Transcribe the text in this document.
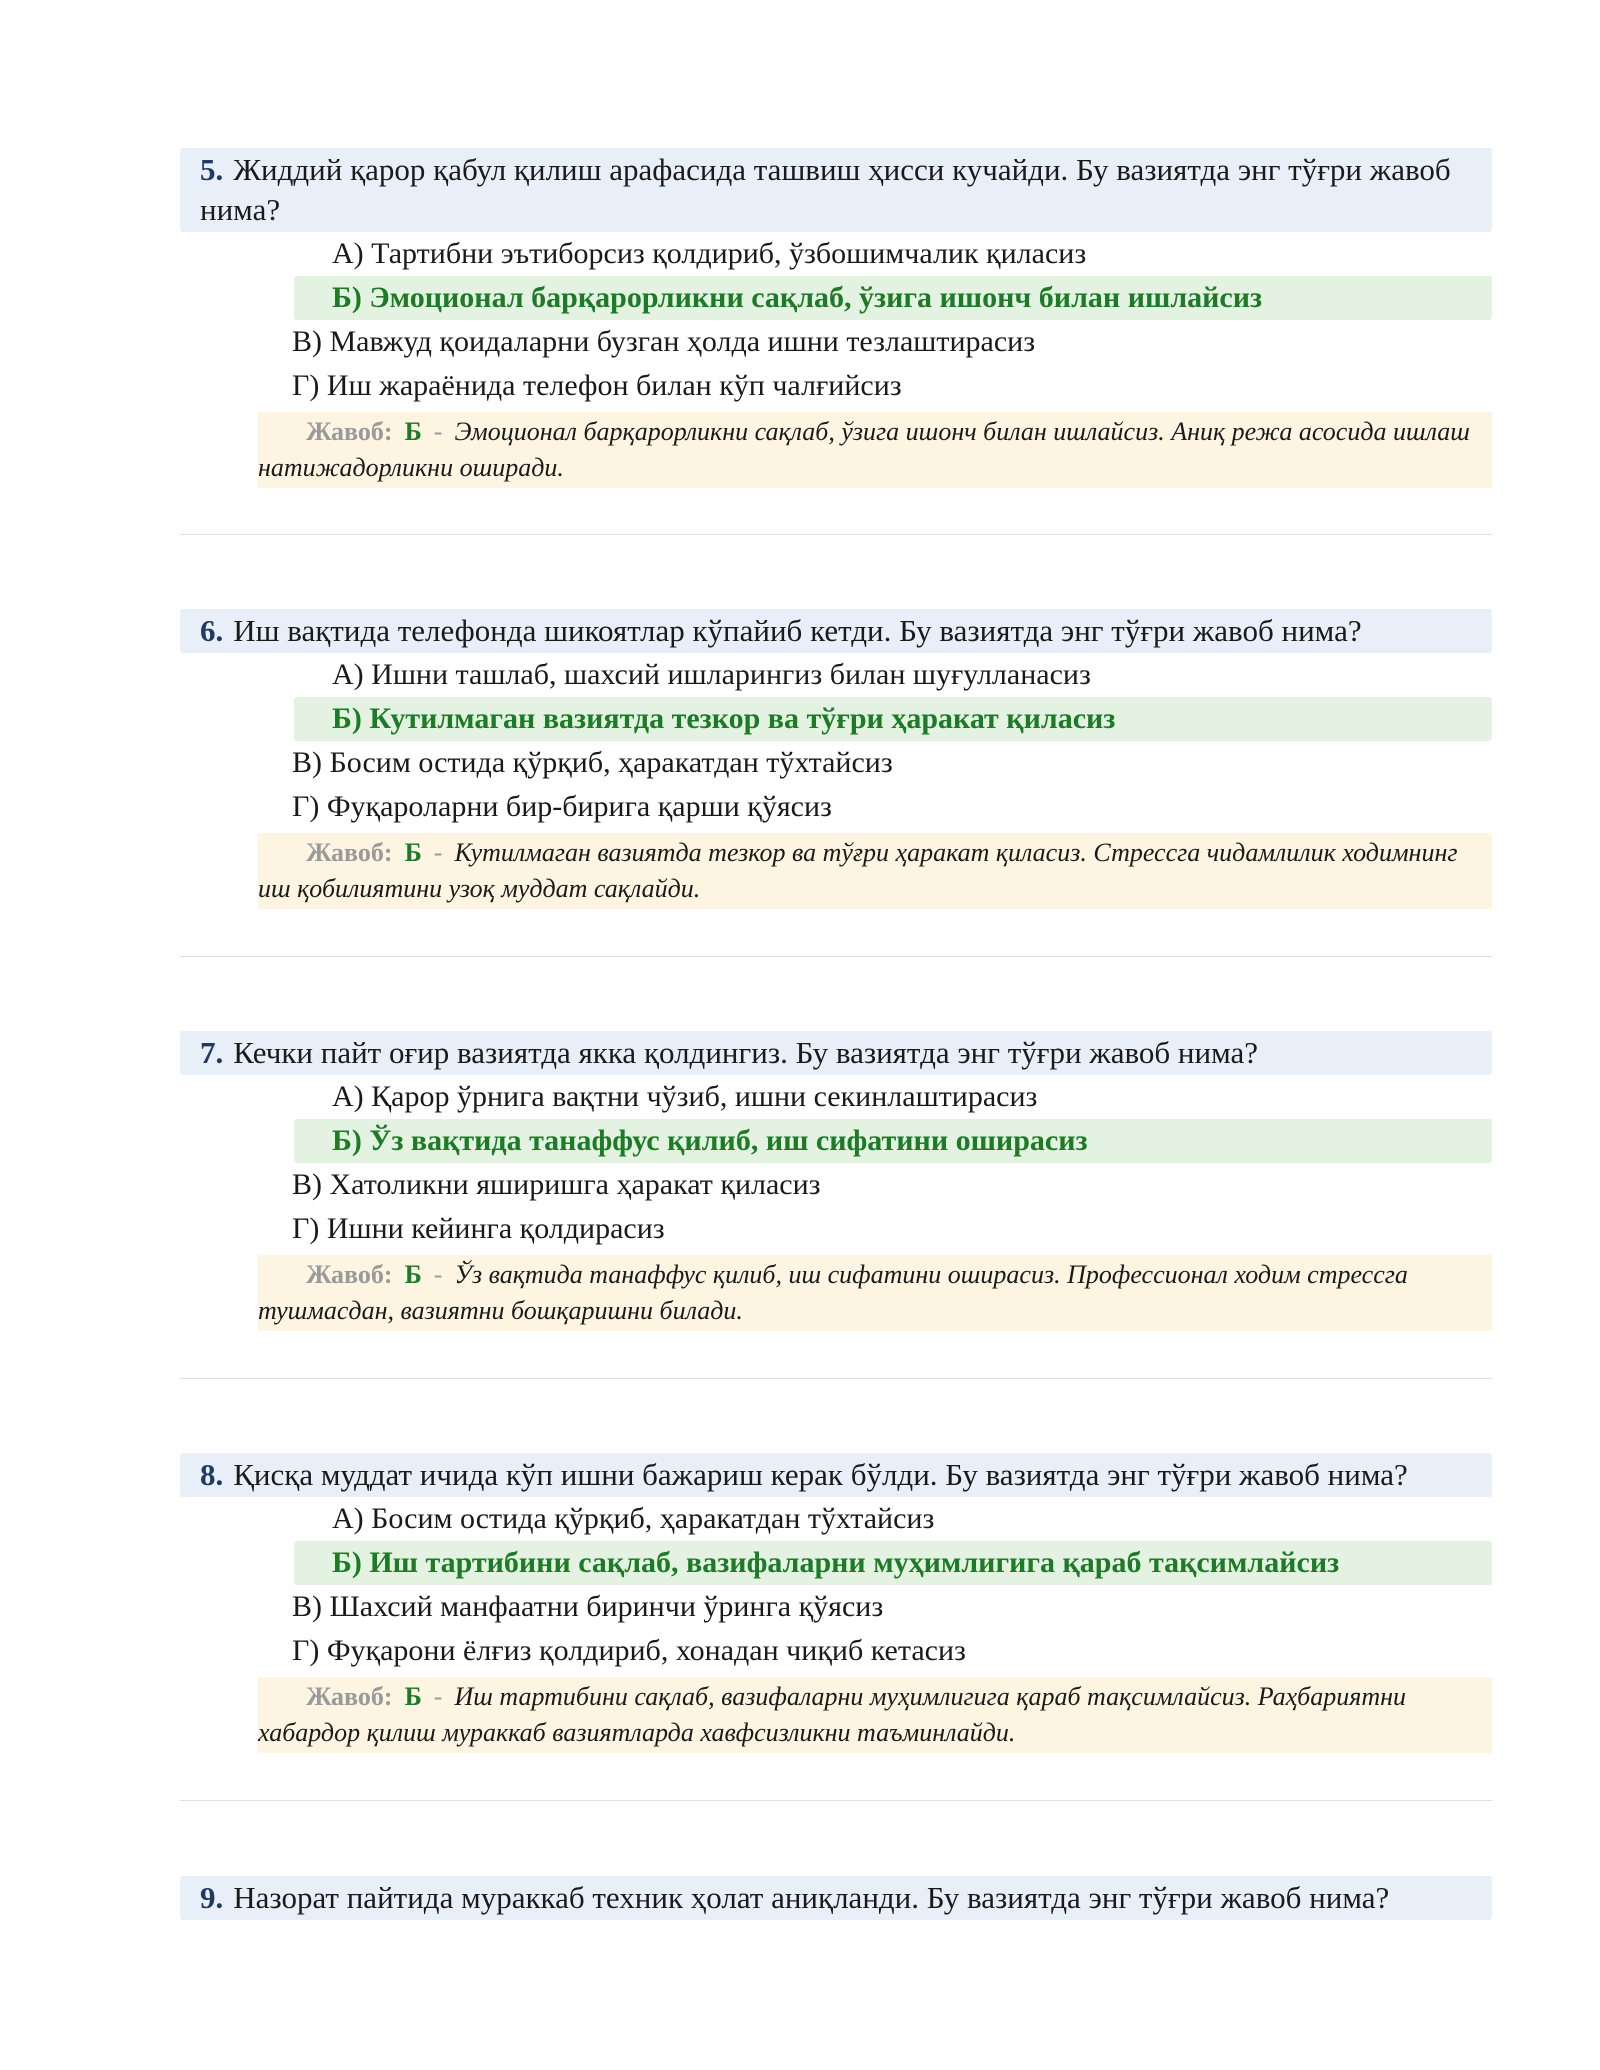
5. Жиддий қарор қабул қилиш арафасида ташвиш ҳисси кучайди. Бу вазиятда энг тўғри жавоб нима?
А) Тартибни эътиборсиз қолдириб, ўзбошимчалик қиласиз
Б) Эмоционал барқарорликни сақлаб, ўзига ишонч билан ишлайсиз
В) Мавжуд қоидаларни бузган ҳолда ишни тезлаштирасиз
Г) Иш жараёнида телефон билан кўп чалғийсиз
Жавоб: Б - Эмоционал барқарорликни сақлаб, ўзига ишонч билан ишлайсиз. Аниқ режа асосида ишлаш натижадорликни оширади.
6. Иш вақтида телефонда шикоятлар кўпайиб кетди. Бу вазиятда энг тўғри жавоб нима?
А) Ишни ташлаб, шахсий ишларингиз билан шуғулланасиз
Б) Кутилмаган вазиятда тезкор ва тўғри ҳаракат қиласиз
В) Босим остида қўрқиб, ҳаракатдан тўхтайсиз
Г) Фуқароларни бир-бирига қарши қўясиз
Жавоб: Б - Кутилмаган вазиятда тезкор ва тўғри ҳаракат қиласиз. Стрессга чидамлилик ходимнинг иш қобилиятини узоқ муддат сақлайди.
7. Кечки пайт оғир вазиятда якка қолдингиз. Бу вазиятда энг тўғри жавоб нима?
А) Қарор ўрнига вақтни чўзиб, ишни секинлаштирасиз
Б) Ўз вақтида танаффус қилиб, иш сифатини оширасиз
В) Хатоликни яширишга ҳаракат қиласиз
Г) Ишни кейинга қолдирасиз
Жавоб: Б - Ўз вақтида танаффус қилиб, иш сифатини оширасиз. Профессионал ходим стрессга тушмасдан, вазиятни бошқаришни билади.
8. Қисқа муддат ичида кўп ишни бажариш керак бўлди. Бу вазиятда энг тўғри жавоб нима?
А) Босим остида қўрқиб, ҳаракатдан тўхтайсиз
Б) Иш тартибини сақлаб, вазифаларни муҳимлигига қараб тақсимлайсиз
В) Шахсий манфаатни биринчи ўринга қўясиз
Г) Фуқарони ёлғиз қолдириб, хонадан чиқиб кетасиз
Жавоб: Б - Иш тартибини сақлаб, вазифаларни муҳимлигига қараб тақсимлайсиз. Раҳбариятни хабардор қилиш мураккаб вазиятларда хавфсизликни таъминлайди.
9. Назорат пайтида мураккаб техник ҳолат аниқланди. Бу вазиятда энг тўғри жавоб нима?
